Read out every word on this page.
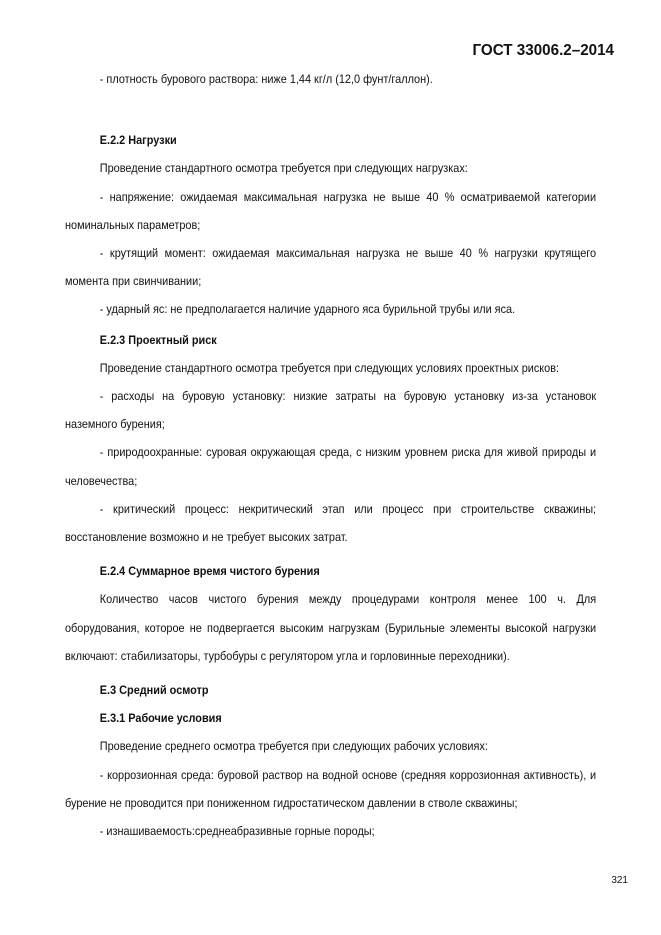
ГОСТ 33006.2–2014

- плотность бурового раствора: ниже 1,44 кг/л (12,0 фунт/галлон).

Е.2.2 Нагрузки

Проведение стандартного осмотра требуется при следующих нагрузках:

- напряжение: ожидаемая максимальная нагрузка не выше 40 % осматриваемой категории номинальных параметров;

- крутящий момент: ожидаемая максимальная нагрузка не выше 40 % нагрузки крутящего момента при свинчивании;

- ударный яс: не предполагается наличие ударного яса бурильной трубы или яса.

Е.2.3 Проектный риск

Проведение стандартного осмотра требуется при следующих условиях проектных рисков:

- расходы на буровую установку: низкие затраты на буровую установку из-за установок наземного бурения;

- природоохранные: суровая окружающая среда, с низким уровнем риска для живой природы и человечества;

- критический процесс: некритический этап или процесс при строительстве скважины; восстановление возможно и не требует высоких затрат.

Е.2.4 Суммарное время чистого бурения

Количество часов чистого бурения между процедурами контроля менее 100 ч. Для оборудования, которое не подвергается высоким нагрузкам (Бурильные элементы высокой нагрузки включают: стабилизаторы, турбобуры с регулятором угла и горловинные переходники).

Е.3 Средний осмотр
Е.3.1 Рабочие условия

Проведение среднего осмотра требуется при следующих рабочих условиях:

- коррозионная среда: буровой раствор на водной основе (средняя коррозионная активность), и бурение не проводится при пониженном гидростатическом давлении в стволе скважины;

- изнашиваемость:среднеабразивные горные породы;

321
